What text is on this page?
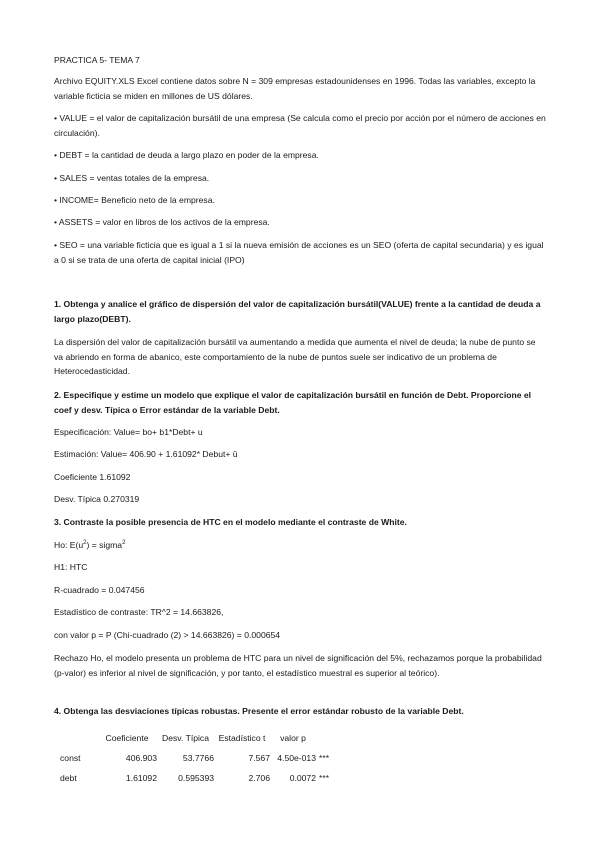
PRACTICA 5- TEMA 7

Archivo EQUITY.XLS Excel contiene datos sobre N = 309 empresas estadounidenses en 1996. Todas las variables, excepto la variable ficticia se miden en millones de US dólares.

• VALUE = el valor de capitalización bursátil de una empresa (Se calcula como el precio por acción por el número de acciones en circulación).

• DEBT = la cantidad de deuda a largo plazo en poder de la empresa.

• SALES = ventas totales de la empresa.

• INCOME= Beneficio neto de la empresa.

• ASSETS = valor en libros de los activos de la empresa.

• SEO = una variable ficticia que es igual a 1 si la nueva emisión de acciones es un SEO (oferta de capital secundaria) y es igual a 0 si se trata de una oferta de capital inicial (IPO)

1. Obtenga y analice el gráfico de dispersión del valor de capitalización bursátil(VALUE) frente a la cantidad de deuda a largo plazo(DEBT).

La dispersión del valor de capitalización bursátil va aumentando a medida que aumenta el nivel de deuda; la nube de punto se va abriendo en forma de abanico, este comportamiento de la nube de puntos suele ser indicativo de un problema de Heterocedasticidad.

2. Especifique y estime un modelo que explique el valor de capitalización bursátil en función de Debt. Proporcione el coef y desv. Típica o Error estándar de la variable Debt.

Especificación: Value= bo+ b1*Debt+ u

Estimación: Value= 406.90 + 1.61092* Debut+ û

Coeficiente 1.61092

Desv. Típica 0.270319

3. Contraste la posible presencia de HTC en el modelo mediante el contraste de White.

Ho: $E(u^2)$ = sigma$^2$

H1: HTC

R-cuadrado = 0.047456

Estadístico de contraste: TR^2 = 14.663826,

con valor p = P (Chi-cuadrado (2) > 14.663826) = 0.000654

Rechazo Ho, el modelo presenta un problema de HTC para un nivel de significación del 5%, rechazamos porque la probabilidad (p-valor) es inferior al nivel de significación, y por tanto, el estadístico muestral es superior al teórico).

4. Obtenga las desviaciones típicas robustas. Presente el error estándar robusto de la variable Debt.

	Coeficiente	Desv. Típica	Estadístico t	valor p	
const	406.903	53.7766	7.567	4.50e-013	***
debt	1.61092	0.595393	2.706	0.0072	***
